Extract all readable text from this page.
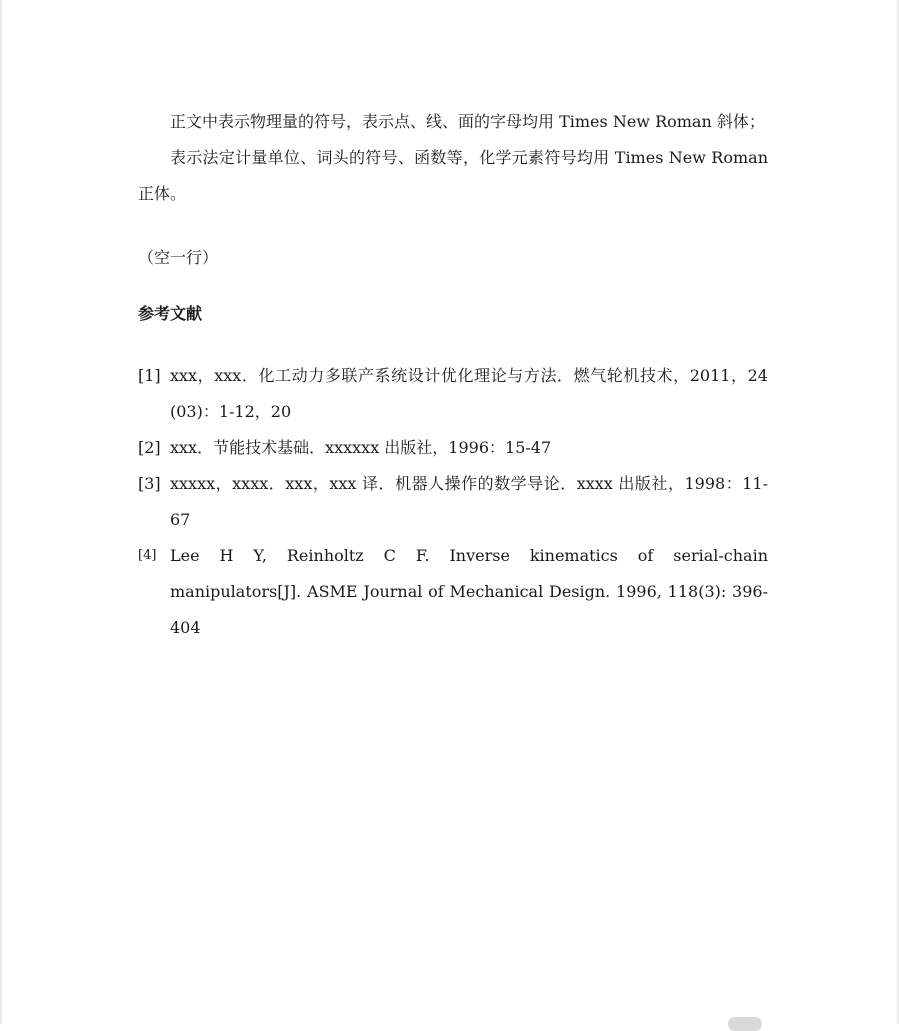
正文中表示物理量的符号，表示点、线、面的字母均用 Times New Roman 斜体；

表示法定计量单位、词头的符号、函数等，化学元素符号均用 Times New Roman 正体。

（空一行）

参考文献

[1] xxx，xxx．化工动力多联产系统设计优化理论与方法．燃气轮机技术，2011，24 (03)：1-12，20
[2] xxx．节能技术基础．xxxxxx 出版社，1996：15-47
[3] xxxxx，xxxx．xxx，xxx 译．机器人操作的数学导论．xxxx 出版社，1998：11-67
[4] Lee H Y, Reinholtz C F. Inverse kinematics of serial-chain manipulators[J]. ASME Journal of Mechanical Design. 1996, 118(3): 396-404
